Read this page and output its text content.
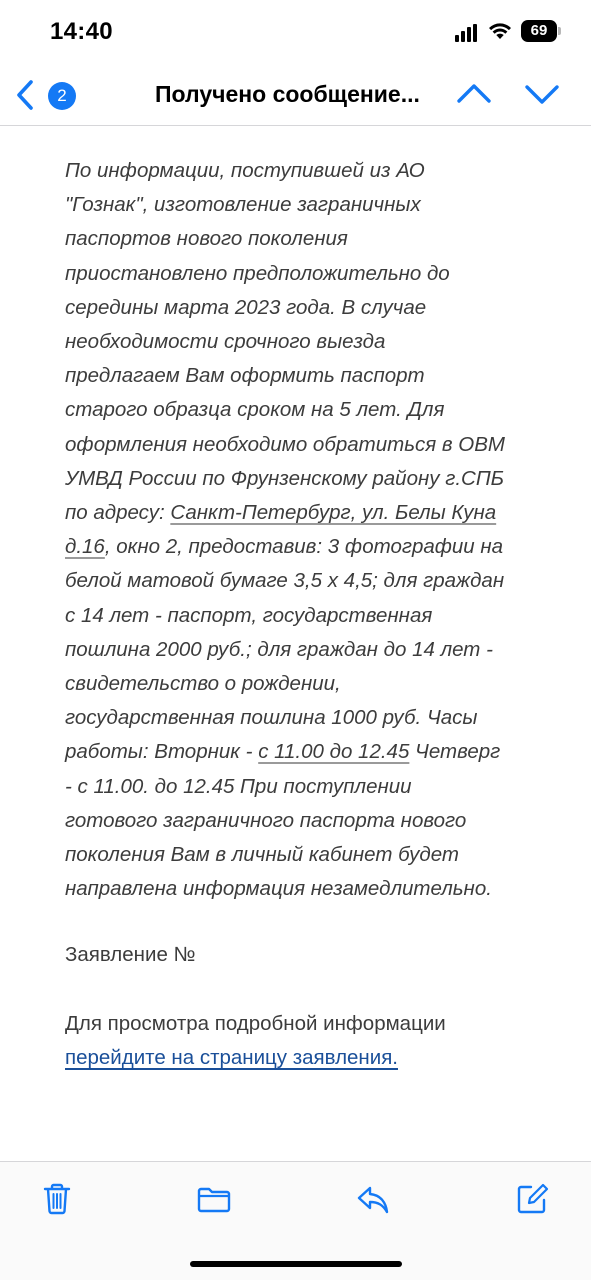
14:40	69
2	Получено сообщение...
По информации, поступившей из АО
"Гознак", изготовление заграничных
паспортов нового поколения
приостановлено предположительно до
середины марта 2023 года. В случае
необходимости срочного выезда
предлагаем Вам оформить паспорт
старого образца сроком на 5 лет. Для
оформления необходимо обратиться в ОВМ
УМВД России по Фрунзенскому району г.СПБ
по адресу: Санкт-Петербург, ул. Белы Куна
д.16, окно 2, предоставив: 3 фотографии на
белой матовой бумаге 3,5 х 4,5; для граждан
с 14 лет - паспорт, государственная
пошлина 2000 руб.; для граждан до 14 лет -
свидетельство о рождении,
государственная пошлина 1000 руб. Часы
работы: Вторник - с 11.00 до 12.45 Четверг
- с 11.00. до 12.45 При поступлении
готового заграничного паспорта нового
поколения Вам в личный кабинет будет
направлена информация незамедлительно.
Заявление №
Для просмотра подробной информации
перейдите на страницу заявления.
